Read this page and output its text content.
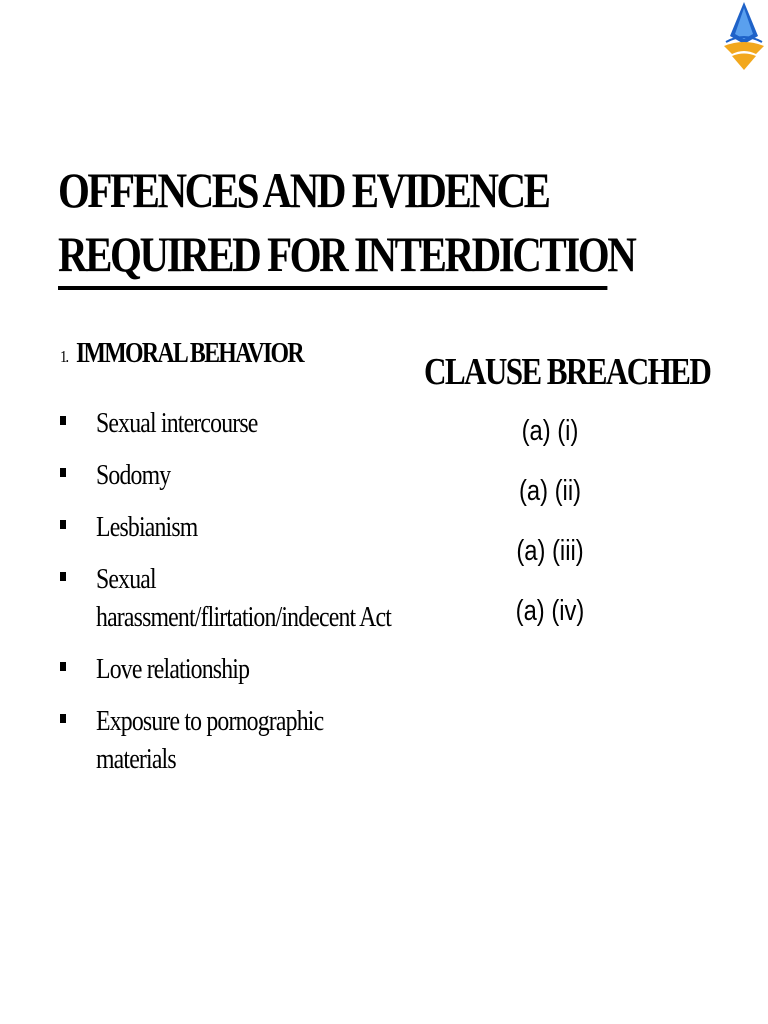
OFFENCES AND EVIDENCE
REQUIRED FOR INTERDICTION
1. IMMORAL BEHAVIOR
Sexual intercourse
Sodomy
Lesbianism
Sexual harassment/flirtation/indecent Act
Love relationship
Exposure to pornographic materials
CLAUSE BREACHED
(a) (i)
(a) (ii)
(a) (iii)
(a) (iv)
